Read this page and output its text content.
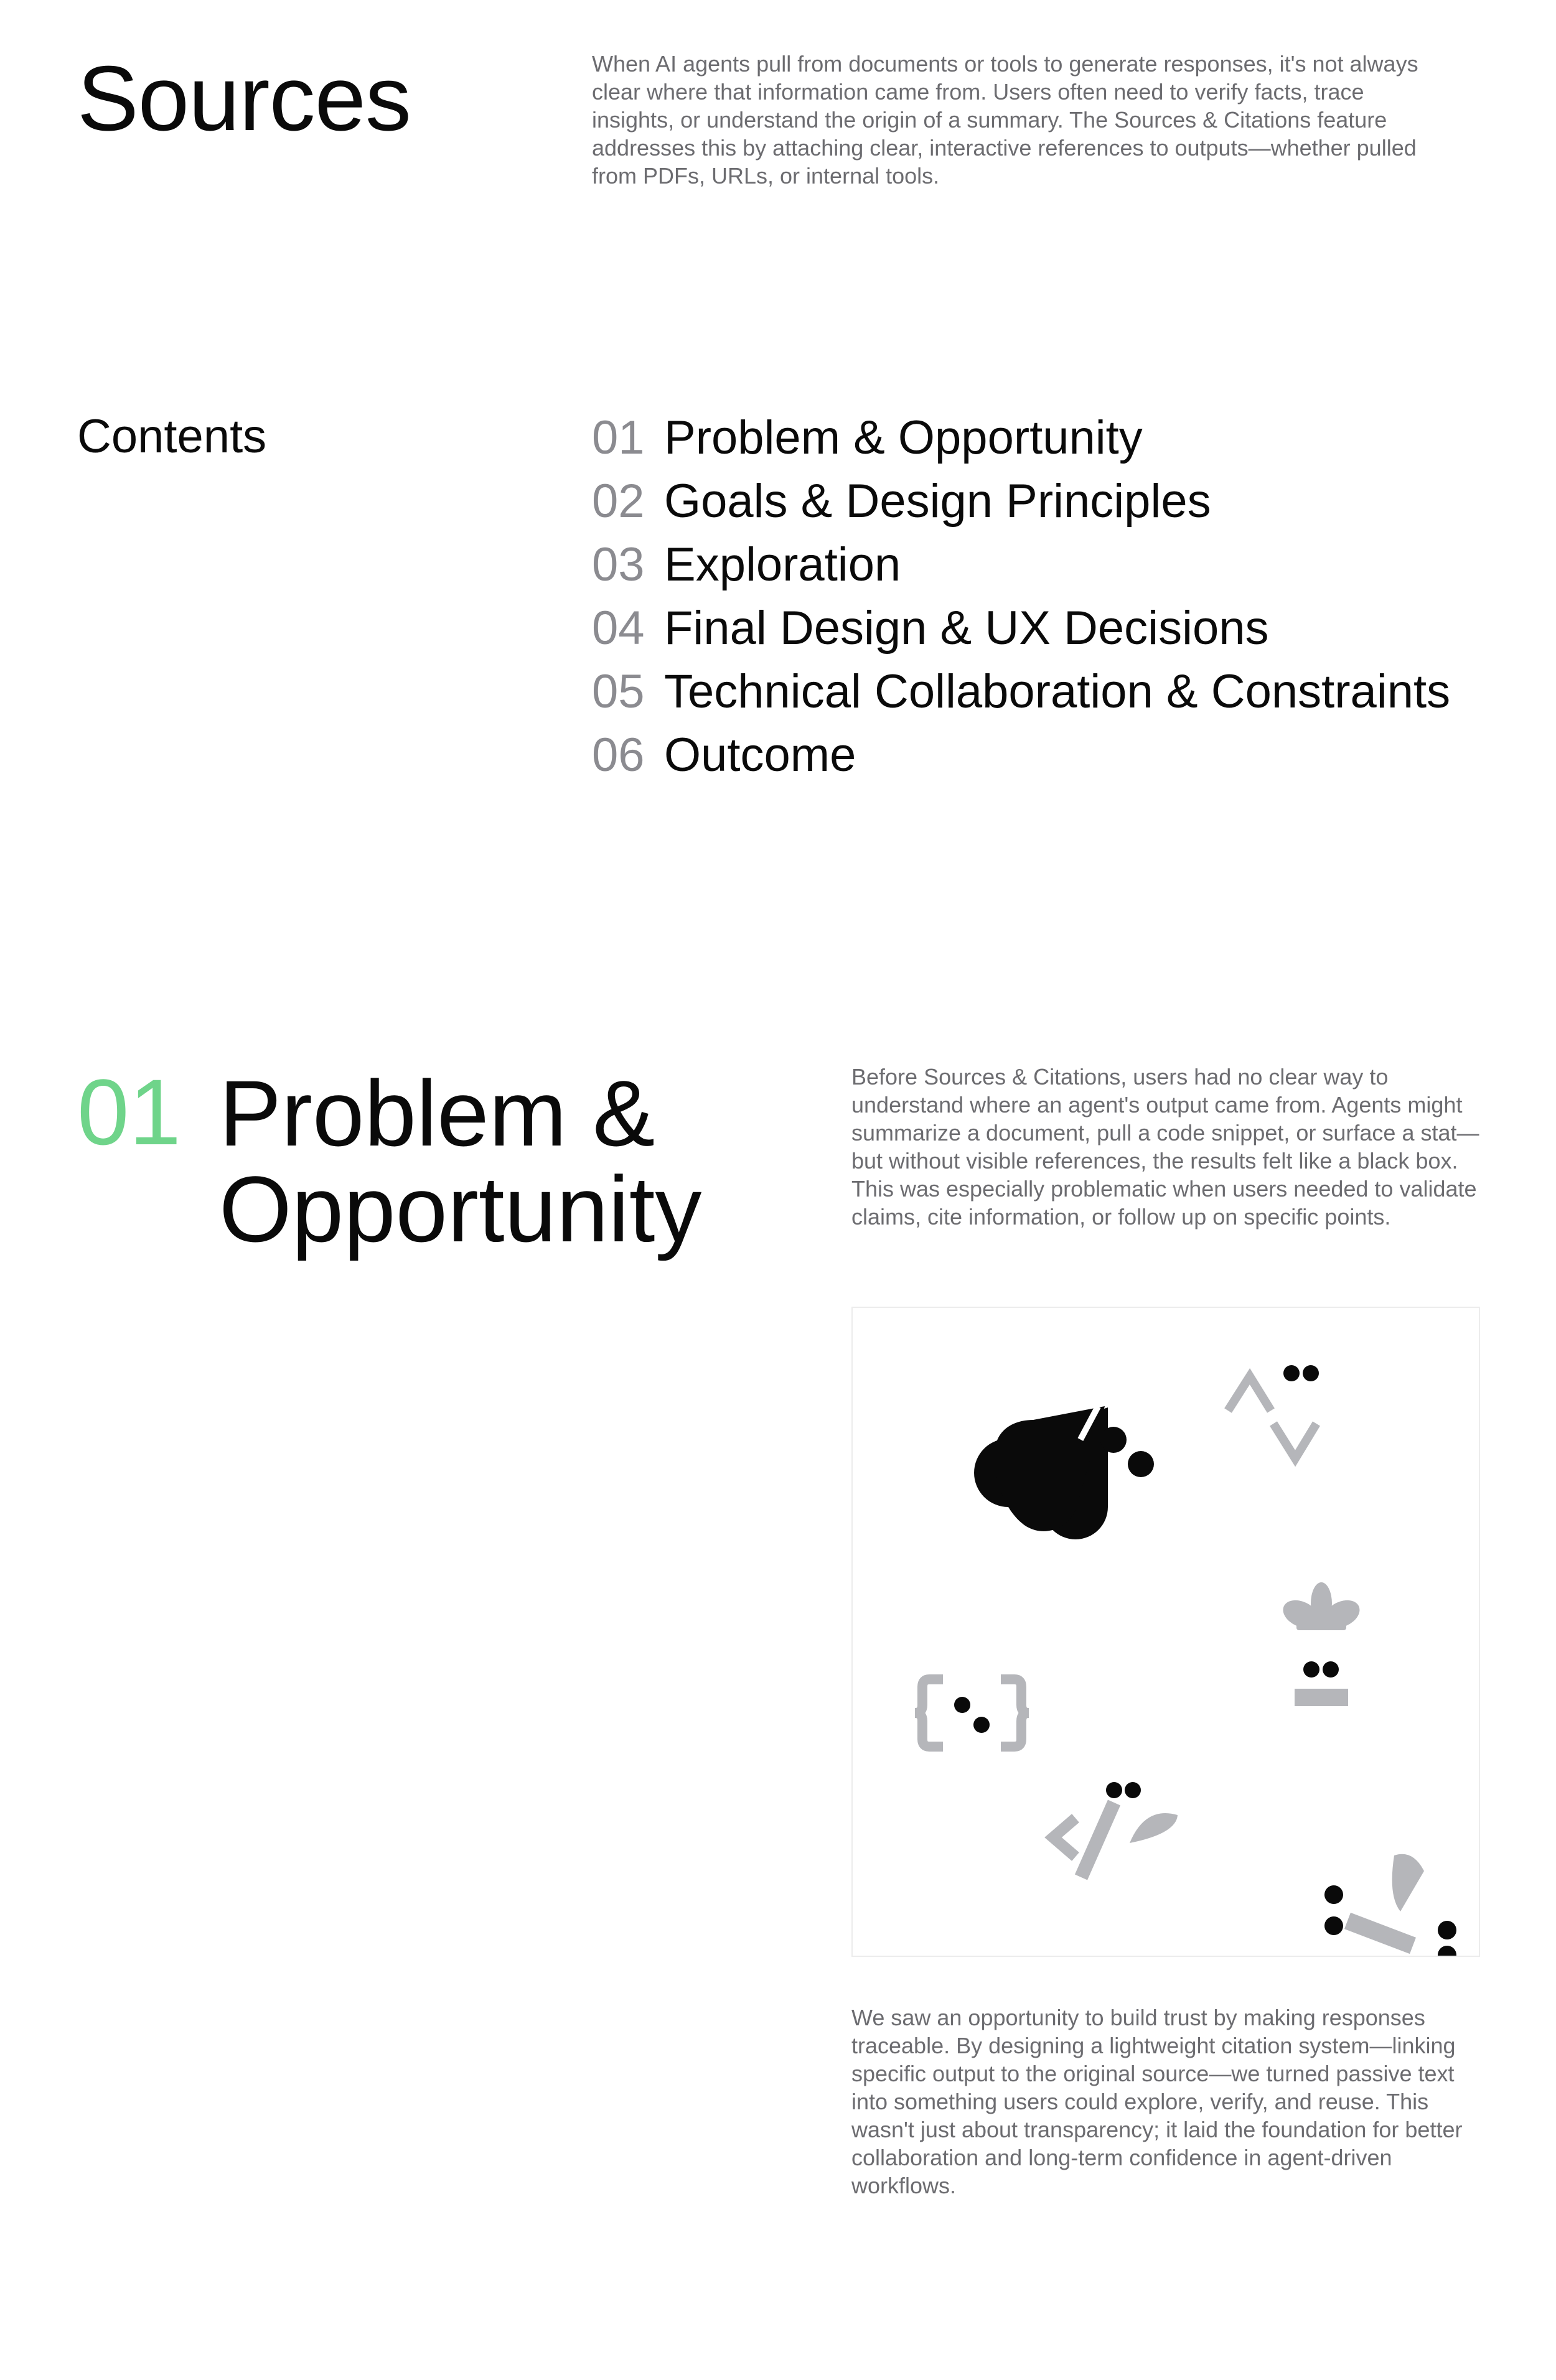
Sources	When AI agents pull from documents or tools to generate responses, it's not always clear where that information came from. Users often need to verify facts, trace insights, or understand the origin of a summary. The Sources & Citations feature addresses this by attaching clear, interactive references to outputs—whether pulled from PDFs, URLs, or internal tools.

Contents	01 Problem & Opportunity
02 Goals & Design Principles
03 Exploration
04 Final Design & UX Decisions
05 Technical Collaboration & Constraints
06 Outcome
01 Problem &
Opportunity

Before Sources & Citations, users had no clear way to understand where an agent's output came from. Agents might summarize a document, pull a code snippet, or surface a stat—but without visible references, the results felt like a black box. This was especially problematic when users needed to validate claims, cite information, or follow up on specific points.

We saw an opportunity to build trust by making responses traceable. By designing a lightweight citation system—linking specific output to the original source—we turned passive text into something users could explore, verify, and reuse. This wasn't just about transparency; it laid the foundation for better collaboration and long-term confidence in agent-driven workflows.
